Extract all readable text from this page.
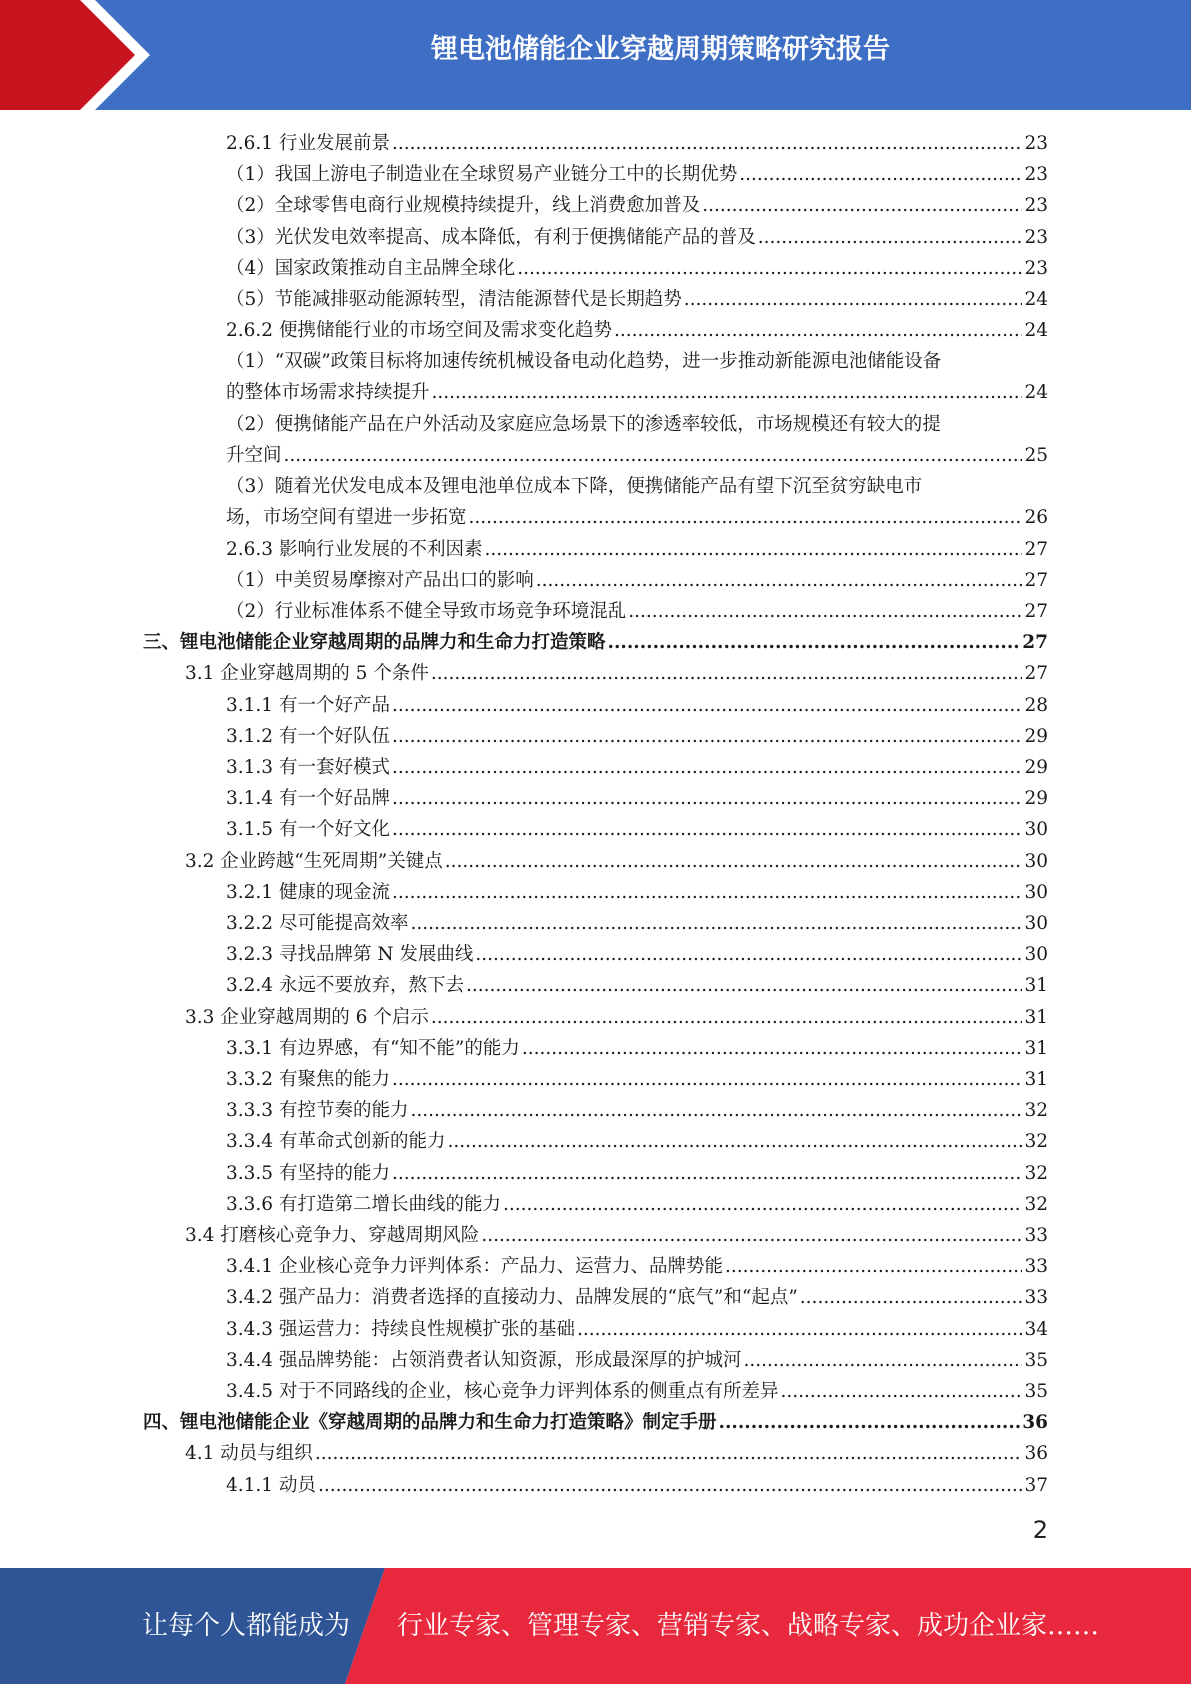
锂电池储能企业穿越周期策略研究报告
2.6.1 行业发展前景 .....	23
（1）我国上游电子制造业在全球贸易产业链分工中的长期优势 .....	23
（2）全球零售电商行业规模持续提升，线上消费愈加普及 .....	23
（3）光伏发电效率提高、成本降低，有利于便携储能产品的普及 .....	23
（4）国家政策推动自主品牌全球化 .....	23
（5）节能减排驱动能源转型，清洁能源替代是长期趋势 .....	24
2.6.2 便携储能行业的市场空间及需求变化趋势 .....	24
（1）“双碳”政策目标将加速传统机械设备电动化趋势，进一步推动新能源电池储能设备
的整体市场需求持续提升 .....	24
（2）便携储能产品在户外活动及家庭应急场景下的渗透率较低，市场规模还有较大的提
升空间 .....	25
（3）随着光伏发电成本及锂电池单位成本下降，便携储能产品有望下沉至贫穷缺电市
场，市场空间有望进一步拓宽 .....	26
2.6.3 影响行业发展的不利因素 .....	27
（1）中美贸易摩擦对产品出口的影响 .....	27
（2）行业标准体系不健全导致市场竞争环境混乱 .....	27
三、锂电池储能企业穿越周期的品牌力和生命力打造策略 .....	27
3.1 企业穿越周期的 5 个条件 .....	27
3.1.1 有一个好产品 .....	28
3.1.2 有一个好队伍 .....	29
3.1.3 有一套好模式 .....	29
3.1.4 有一个好品牌 .....	29
3.1.5 有一个好文化 .....	30
3.2 企业跨越“生死周期”关键点 .....	30
3.2.1 健康的现金流 .....	30
3.2.2 尽可能提高效率 .....	30
3.2.3 寻找品牌第 N 发展曲线 .....	30
3.2.4 永远不要放弃，熬下去 .....	31
3.3 企业穿越周期的 6 个启示 .....	31
3.3.1 有边界感，有“知不能”的能力 .....	31
3.3.2 有聚焦的能力 .....	31
3.3.3 有控节奏的能力 .....	32
3.3.4 有革命式创新的能力 .....	32
3.3.5 有坚持的能力 .....	32
3.3.6 有打造第二增长曲线的能力 .....	32
3.4 打磨核心竞争力、穿越周期风险 .....	33
3.4.1 企业核心竞争力评判体系：产品力、运营力、品牌势能 .....	33
3.4.2 强产品力：消费者选择的直接动力、品牌发展的“底气”和“起点” .....	33
3.4.3 强运营力：持续良性规模扩张的基础 .....	34
3.4.4 强品牌势能：占领消费者认知资源，形成最深厚的护城河 .....	35
3.4.5 对于不同路线的企业，核心竞争力评判体系的侧重点有所差异 .....	35
四、锂电池储能企业《穿越周期的品牌力和生命力打造策略》制定手册 .....	36
4.1 动员与组织 .....	36
4.1.1 动员 .....	37
2
让每个人都能成为 行业专家、管理专家、营销专家、战略专家、成功企业家……
